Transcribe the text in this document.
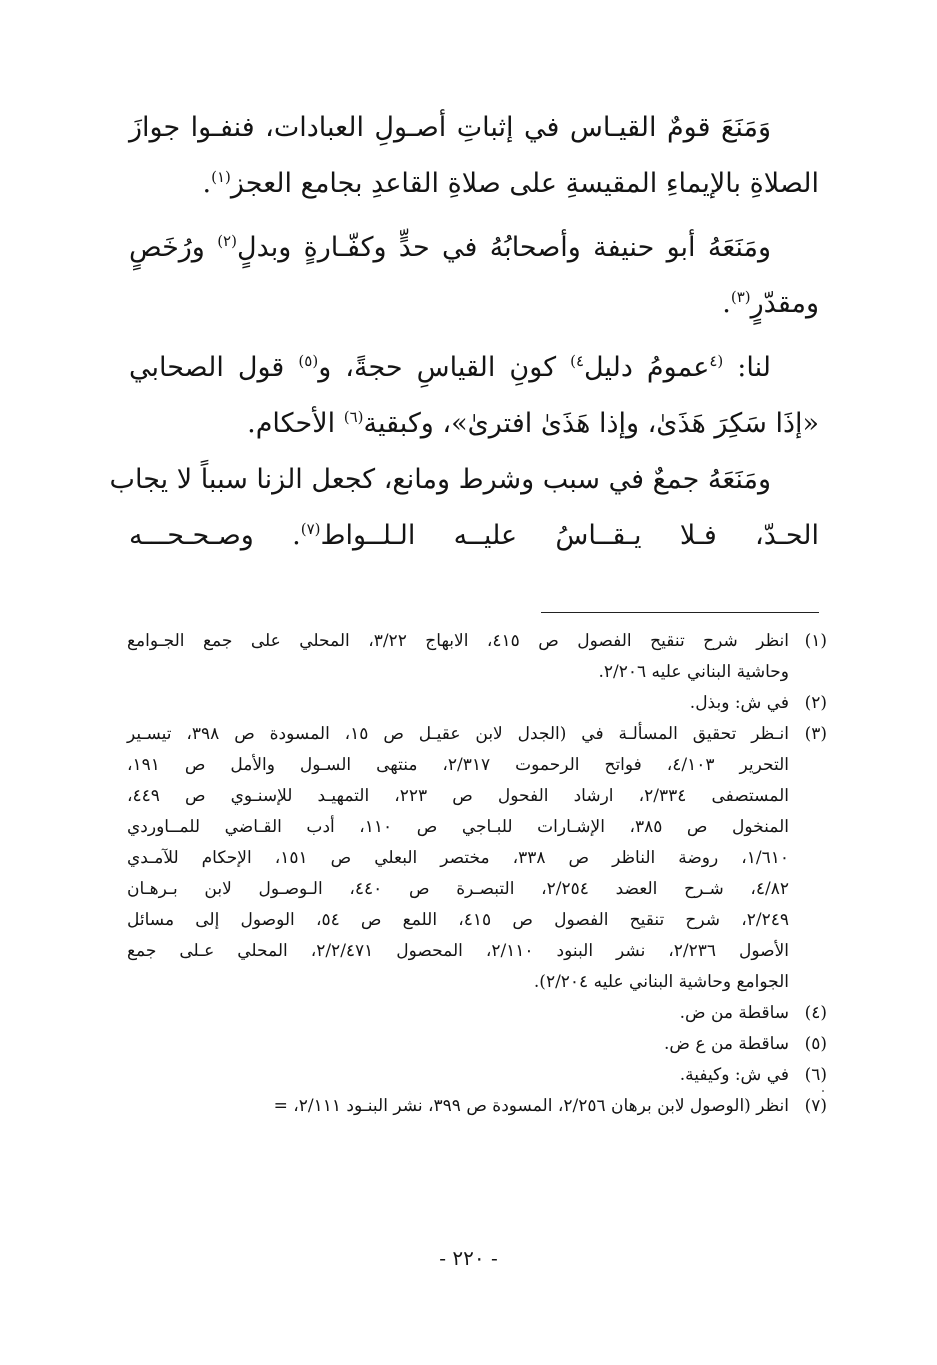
وَمَنَعَ قومٌ القيـاس في إثباتِ أصـولِ العبادات، فنفـوا جوازَ
الصلاةِ بالإيماءِ المقيسةِ على صلاةِ القاعدِ بجامع العجز$^{(١)}$.
ومَنَعَهُ أبو حنيفة وأصحابُهُ في حدٍّ وكفّـارةٍ وبدلٍ$^{(٢)}$ ورُخَصٍ
ومقدّرٍ$^{(٣)}$.
لنا: $^{(٤}$عمومُ دليل$^{٤)}$ كونِ القياسِ حجةً، و$^{(٥)}$ قول الصحابي
«إذَا سَكِرَ هَذَىٰ، وإذا هَذَىٰ افترىٰ»، وكبقية$^{(٦)}$ الأحكام.
ومَنَعَهُ جمعٌ في سبب وشرط ومانع، كجعل الزنا سبباً لا يجاب
الحـدّ، فـلا يـقــاسُ عليــه الـلــواط$^{(٧)}$. وصـحـحـــه
(١)
انظر شرح تنقيح الفصول ص ٤١٥، الابهاج ٣/٢٢، المحلي على جمع الجـوامع
وحاشية البناني عليه ٢/٢٠٦.
(٢)
في ش: وبذل.
(٣)
انـظر تحقيق المسألـة في (الجدل لابن عقيـل ص ١٥، المسودة ص ٣٩٨، تيسـير
التحرير ٤/١٠٣، فواتح الرحموت ٢/٣١٧، منتهى السـول والأمل ص ١٩١،
المستصفى ٢/٣٣٤، ارشاد الفحول ص ٢٢٣، التمهيـد للإسنـوي ص ٤٤٩،
المنخول ص ٣٨٥، الإشـارات للبـاجي ص ١١٠، أدب القـاضي للمــاوردي
١/٦١٠، روضة الناظر ص ٣٣٨، مختصر البعلي ص ١٥١، الإحكام للآمـدي
٤/٨٢، شـرح العضد ٢/٢٥٤، التبصـرة ص ٤٤٠، الـوصـول لابن بـرهـان
٢/٢٤٩، شرح تنقيح الفصول ص ٤١٥، اللمع ص ٥٤، الوصول إلى مسائل
الأصول ٢/٢٣٦، نشر البنود ٢/١١٠، المحصول ٢/٢/٤٧١، المحلي عـلى جمع
الجوامع وحاشية البناني عليه ٢/٢٠٤).
(٤)
ساقطة من ض.
(٥)
ساقطة من ع ض.
(٦)
في ش: وكيفية.
(٧)
انظر (الوصول لابن برهان ٢/٢٥٦، المسودة ص ٣٩٩، نشر البنـود ٢/١١١، =
- ٢٢٠ -
